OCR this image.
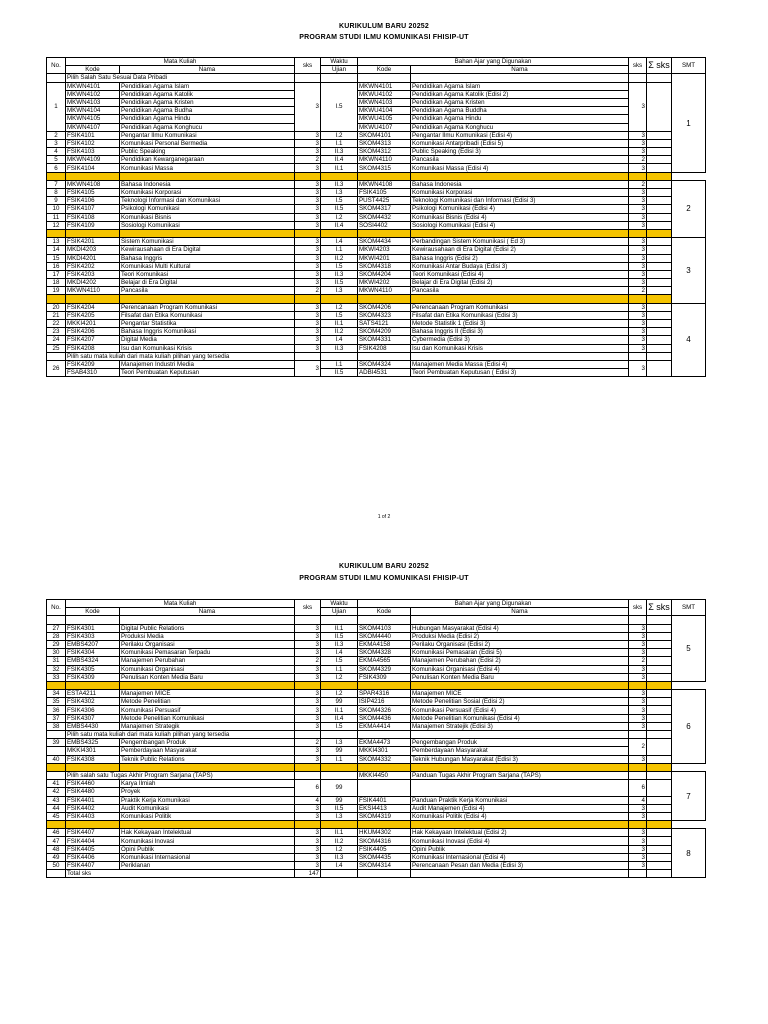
KURIKULUM BARU 20252
PROGRAM STUDI ILMU KOMUNIKASI FHISIP-UT
No.	Mata Kuliah		sks	Waktu	Bahan Ajar yang Digunakan		sks	Σ sks	SMT
	Kode	Nama		Ujian	Kode	Nama			
	Pilih Salah Satu Sesuai Data Pribadi								1
1	MKWN4101	Pendidikan Agama Islam	3	I.5	MKWN4101	Pendidikan Agama Islam	3		
	MKWN4102	Pendidikan Agama Katolik			MKWU4102	Pendidikan Agama Katolik (Edisi 2)			
	MKWN4103	Pendidikan Agama Kristen			MKWN4103	Pendidikan Agama Kristen			
	MKWN4104	Pendidikan Agama Budha			MKWU4104	Pendidikan Agama Buddha			
	MKWN4105	Pendidikan Agama Hindu			MKWU4105	Pendidikan Agama Hindu			
	MKWN4107	Pendidikan Agama Konghucu			MKWU4107	Pendidikan Agama Konghucu			
2	FSIK4101	Pengantar Ilmu Komunikasi	3	I.2	SKOM4101	Pengantar Ilmu Komunikasi (Edisi 4)	3		
3	FSIK4102	Komunikasi Personal Bermedia	3	I.1	SKOM4313	Komunikasi Antarpribadi (Edisi 5)	3		
4	FSIK4103	Public Speaking	3	II.3	SKOM4312	Public Speaking (Edisi 3)	3		
5	MKWN4109	Pendidikan Kewarganegaraan	2	II.4	MKWN4110	Pancasila	2		
6	FSIK4104	Komunikasi Massa	3	II.1	SKOM4315	Komunikasi Massa (Edisi 4)	3		

7	MKWN4108	Bahasa Indonesia	3	II.3	MKWN4108	Bahasa Indonesia	2		2
8	FSIK4105	Komunikasi Korporasi	3	I.3	FSIK4105	Komunikasi Korporasi	3		
9	FSIK4106	Teknologi Informasi dan Komunikasi	3	I.5	PUST4425	Teknologi Komunikasi dan Informasi (Edisi 3)	3		
10	FSIK4107	Psikologi Komunikasi	3	II.5	SKOM4317	Psikologi Komunikasi (Edisi 4)	3		
11	FSIK4108	Komunikasi Bisnis	3	I.2	SKOM4432	Komunikasi Bisnis (Edisi 4)	3		
12	FSIK4109	Sosiologi Komunikasi	3	II.4	SOSI4402	Sosiologi Komunikasi (Edisi 4)	3		

13	FSIK4201	Sistem Komunikasi	3	I.4	SKOM4434	Perbandingan Sistem Komunikasi ( Ed 3)	3		3
14	MKDI4203	Kewirausahaan di Era Digital	3	I.1	MKWI4203	Kewirausahaan di Era Digital (Edisi 2)	3		
15	MKDI4201	Bahasa Inggris	3	II.2	MKWI4201	Bahasa Inggris (Edisi 2)	3		
16	FSIK4202	Komunikasi Multi Kultural	3	I.5	SKOM4318	Komunikasi Antar Budaya (Edisi 3)	3		
17	FSIK4203	Teori Komunikasi	3	II.3	SKOM4204	Teori Komunikasi (Edisi 4)	3		
18	MKDI4202	Belajar di Era Digital	3	II.5	MKWI4202	Belajar di Era Digital (Edisi 2)	3		
19	MKWN4110	Pancasila	2	I.3	MKWN4110	Pancasila	2		

20	FSIK4204	Perencanaan Program Komunikasi	3	I.2	SKOM4206	Perencanaan Program Komunikasi	3		4
21	FSIK4205	Filsafat dan Etika Komunikasi	3	I.5	SKOM4323	Filsafat dan Etika Komunikasi (Edisi 3)	3		
22	MKKI4201	Pengantar Statistika	3	II.1	SATS4121	Metode Statistik 1 (Edisi 3)	3		
23	FSIK4206	Bahasa Inggris Komunikasi	3	II.2	SKOM4209	Bahasa Inggris II (Edisi 3)	3		
24	FSIK4207	Digital Media	3	I.4	SKOM4331	Cybermedia (Edisi 3)	3		
25	FSIK4208	Isu dan Komunikasi Krisis	3	II.3	FSIK4208	Isu dan Komunikasi Krisis	3		
	Pilih satu mata kuliah dari mata kuliah pilihan yang tersedia								
26	FSIK4209	Manajemen Industri Media	3	I.1	SKOM4324	Manajemen Media Massa (Edisi 4)	3		
	FSAB4310	Teori Pembuatan Keputusan		II.5	ADBI4531	Teori Pembuatan Keputusan ( Edisi 3)			
1 of 2
KURIKULUM BARU 20252
PROGRAM STUDI ILMU KOMUNIKASI FHISIP-UT
No.	Mata Kuliah		sks	Waktu	Bahan Ajar yang Digunakan		sks	Σ sks	SMT
	Kode	Nama		Ujian	Kode	Nama			
									5
27	FSIK4301	Digital Public Relations	3	II.1	SKOM4103	Hubungan Masyarakat (Edisi 4)	3		
28	FSIK4303	Produksi Media	3	II.5	SKOM4440	Produksi Media (Edisi 2)	3		
29	EMBS4207	Perilaku Organisasi	3	II.3	EKMA4158	Perilaku Organisasi (Edisi 2)	3		
30	FSIK4304	Komunikasi Pemasaran Terpadu	3	I.4	SKOM4328	Komunikasi Pemasaran (Edisi 5)	3		
31	EMBS4324	Manajemen Perubahan	2	I.5	EKMA4565	Manajemen Perubahan (Edisi 2)	2		
32	FSIK4305	Komunikasi Organisasi	3	I.1	SKOM4329	Komunikasi Organisasi (Edisi 4)	3		
33	FSIK4309	Penulisan Konten Media Baru	3	I.2	FSIK4309	Penulisan Konten Media Baru	3		

34	ESTA4211	Manajemen MICE	3	I.2	SPAR4316	Manajemen MICE	3		6
35	FSIK4302	Metode Penelitian	3	99	ISIP4216	Metode Penelitian Sosial (Edisi 2)	3		
36	FSIK4306	Komunikasi Persuasif	3	II.1	SKOM4326	Komunikasi Persuasif (Edisi 4)	3		
37	FSIK4307	Metode Penelitian Komunikasi	3	II.4	SKOM4436	Metode Penelitian Komunikasi (Edisi 4)	3		
38	EMBS4430	Manajemen Strategik	3	I.5	EKMA4414	Manajemen Stratejik (Edisi 3)	3		
	Pilih satu mata kuliah dari mata kuliah pilihan yang tersedia								
39	EMBS4325	Pengembangan Produk	2	I.3	EKMA4473	Pengembangan Produk	2		
	MKKI4301	Pemberdayaan Masyarakat	3	99	MKKI4301	Pemberdayaan Masyarakat			
40	FSIK4308	Teknik Public Relations	3	I.1	SKOM4332	Teknik Hubungan Masyarakat (Edisi 3)	3		

	Pilih salah satu Tugas Akhir Program Sarjana (TAPS)				MKKI4450	Panduan Tugas Akhir Program Sarjana (TAPS)			7
41	FSIK4460	Karya Ilmiah	6	99			6		
42	FSIK4480	Proyek							
43	FSIK4401	Praktik Kerja Komunikasi	4	99	FSIK4401	Panduan Praktik Kerja Komunikasi	4		
44	FSIK4402	Audit Komunikasi	3	II.5	EKSI4413	Audit Manajemen (Edisi 4)	3		
45	FSIK4403	Komunikasi Politik	3	I.3	SKOM4319	Komunikasi Politik (Edisi 4)	3		

46	FSIK4407	Hak Kekayaan Intelektual	3	II.1	HKUM4302	Hak Kekayaan Intelektual (Edisi 2)	3		8
47	FSIK4404	Komunikasi Inovasi	3	II.2	SKOM4316	Komunikasi Inovasi (Edisi 4)	3		
48	FSIK4405	Opini Publik	3	I.2	FSIK4405	Opini Publik	3		
49	FSIK4406	Komunikasi Internasional	3	II.3	SKOM4435	Komunikasi Internasional (Edisi 4)	3		
50	FSIK4407	Periklanan	3	I.4	SKOM4314	Perencanaan Pesan dan Media (Edisi 3)	3		
	Total sks		147						
